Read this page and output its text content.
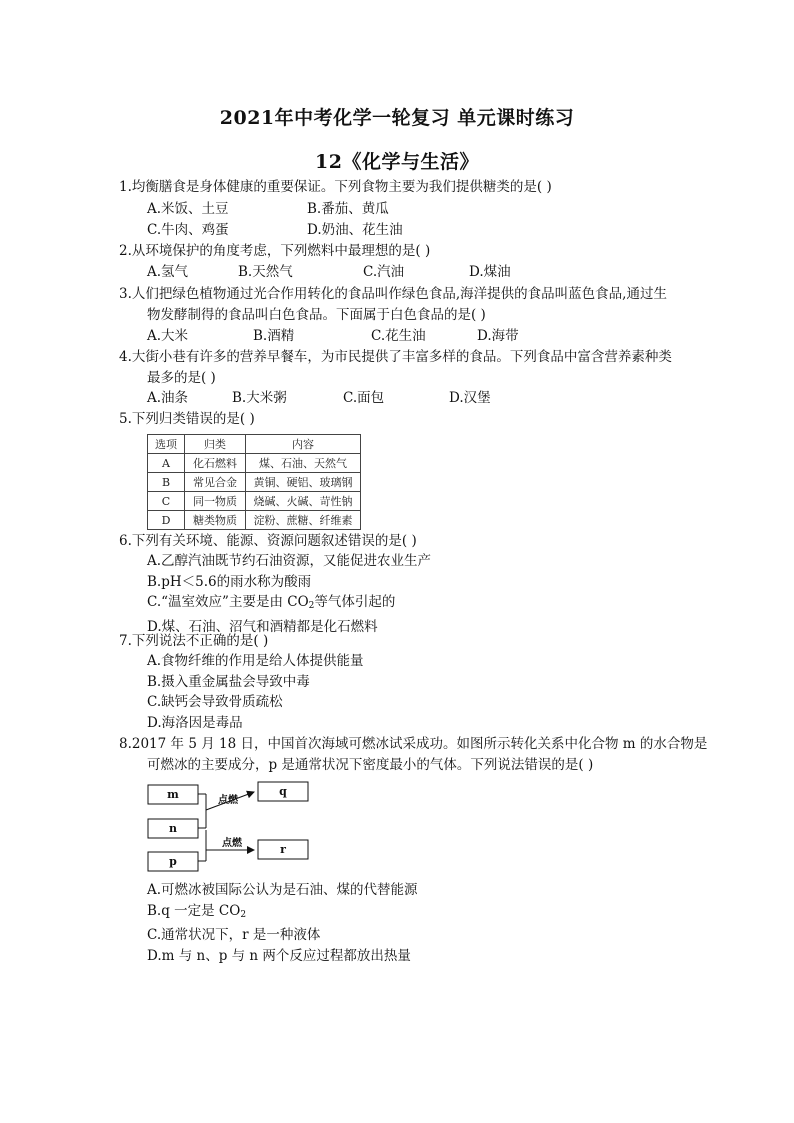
2021年中考化学一轮复习 单元课时练习
12《化学与生活》
1.均衡膳食是身体健康的重要保证。下列食物主要为我们提供糖类的是( )
A.米饭、土豆	B.番茄、黄瓜
C.牛肉、鸡蛋	D.奶油、花生油
2.从环境保护的角度考虑，下列燃料中最理想的是( )
A.氢气	B.天然气	C.汽油	D.煤油
3.人们把绿色植物通过光合作用转化的食品叫作绿色食品,海洋提供的食品叫蓝色食品,通过生
物发酵制得的食品叫白色食品。下面属于白色食品的是( )
A.大米	B.酒精	C.花生油	D.海带
4.大街小巷有许多的营养早餐车，为市民提供了丰富多样的食品。下列食品中富含营养素种类
最多的是( )
A.油条	B.大米粥	C.面包	D.汉堡
5.下列归类错误的是( )
选项	归类	内容
A	化石燃料	煤、石油、天然气
B	常见合金	黄铜、硬铝、玻璃钢
C	同一物质	烧碱、火碱、苛性钠
D	糖类物质	淀粉、蔗糖、纤维素
6.下列有关环境、能源、资源问题叙述错误的是( )
A.乙醇汽油既节约石油资源，又能促进农业生产
B.pH＜5.6的雨水称为酸雨
C.“温室效应”主要是由 $CO_2$等气体引起的
D.煤、石油、沼气和酒精都是化石燃料
7.下列说法不正确的是( )
A.食物纤维的作用是给人体提供能量
B.摄入重金属盐会导致中毒
C.缺钙会导致骨质疏松
D.海洛因是毒品
8.2017 年 5 月 18 日，中国首次海域可燃冰试采成功。如图所示转化关系中化合物 m 的水合物是
可燃冰的主要成分，p 是通常状况下密度最小的气体。下列说法错误的是( )
m
n
p
q
r
点燃
点燃
A.可燃冰被国际公认为是石油、煤的代替能源
B.q 一定是 $CO_2$
C.通常状况下，r 是一种液体
D.m 与 n、p 与 n 两个反应过程都放出热量
